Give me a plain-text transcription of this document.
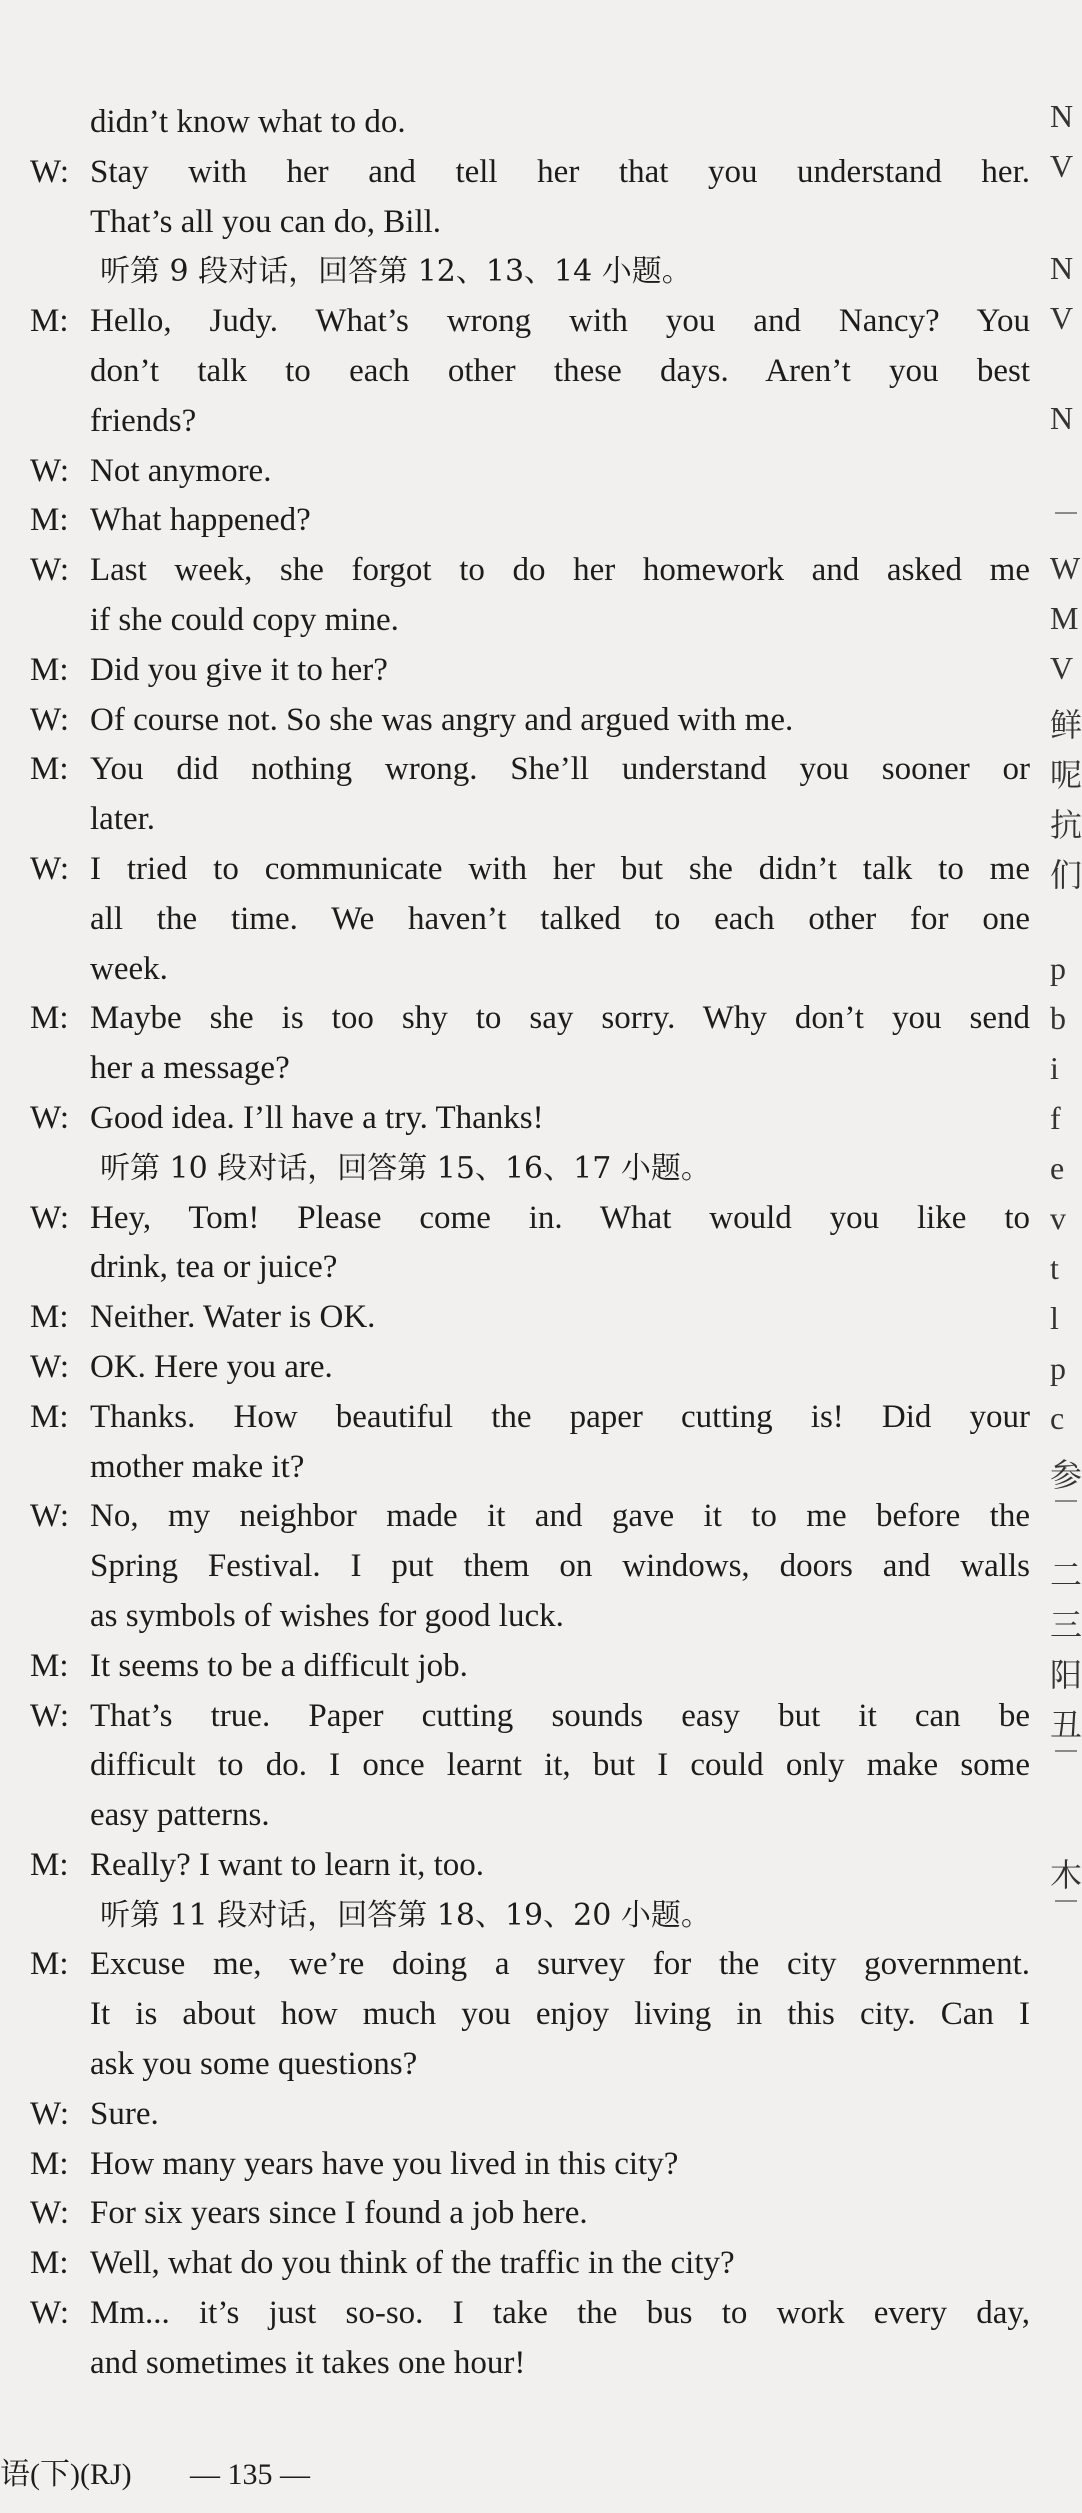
didn’t know what to do.
W: Stay with her and tell her that you understand her.
That’s all you can do, Bill.
听第 9 段对话，回答第 12、13、14 小题。
M: Hello, Judy. What’s wrong with you and Nancy? You
don’t talk to each other these days. Aren’t you best
friends?
W: Not anymore.
M: What happened?
W: Last week, she forgot to do her homework and asked me
if she could copy mine.
M: Did you give it to her?
W: Of course not. So she was angry and argued with me.
M: You did nothing wrong. She’ll understand you sooner or
later.
W: I tried to communicate with her but she didn’t talk to me
all the time. We haven’t talked to each other for one
week.
M: Maybe she is too shy to say sorry. Why don’t you send
her a message?
W: Good idea. I’ll have a try. Thanks!
听第 10 段对话，回答第 15、16、17 小题。
W: Hey, Tom! Please come in. What would you like to
drink, tea or juice?
M: Neither. Water is OK.
W: OK. Here you are.
M: Thanks. How beautiful the paper cutting is! Did your
mother make it?
W: No, my neighbor made it and gave it to me before the
Spring Festival. I put them on windows, doors and walls
as symbols of wishes for good luck.
M: It seems to be a difficult job.
W: That’s true. Paper cutting sounds easy but it can be
difficult to do. I once learnt it, but I could only make some
easy patterns.
M: Really? I want to learn it, too.
听第 11 段对话，回答第 18、19、20 小题。
M: Excuse me, we’re doing a survey for the city government.
It is about how much you enjoy living in this city. Can I
ask you some questions?
W: Sure.
M: How many years have you lived in this city?
W: For six years since I found a job here.
M: Well, what do you think of the traffic in the city?
W: Mm... it’s just so-so. I take the bus to work every day,
and sometimes it takes one hour!
N
V
N
V
N
W
M
V
鲜
呢
抗
们
p
b
i
f
e
v
t
l
p
c
参
二
三
阳
丑
木
语(下)(RJ) — 135 —
